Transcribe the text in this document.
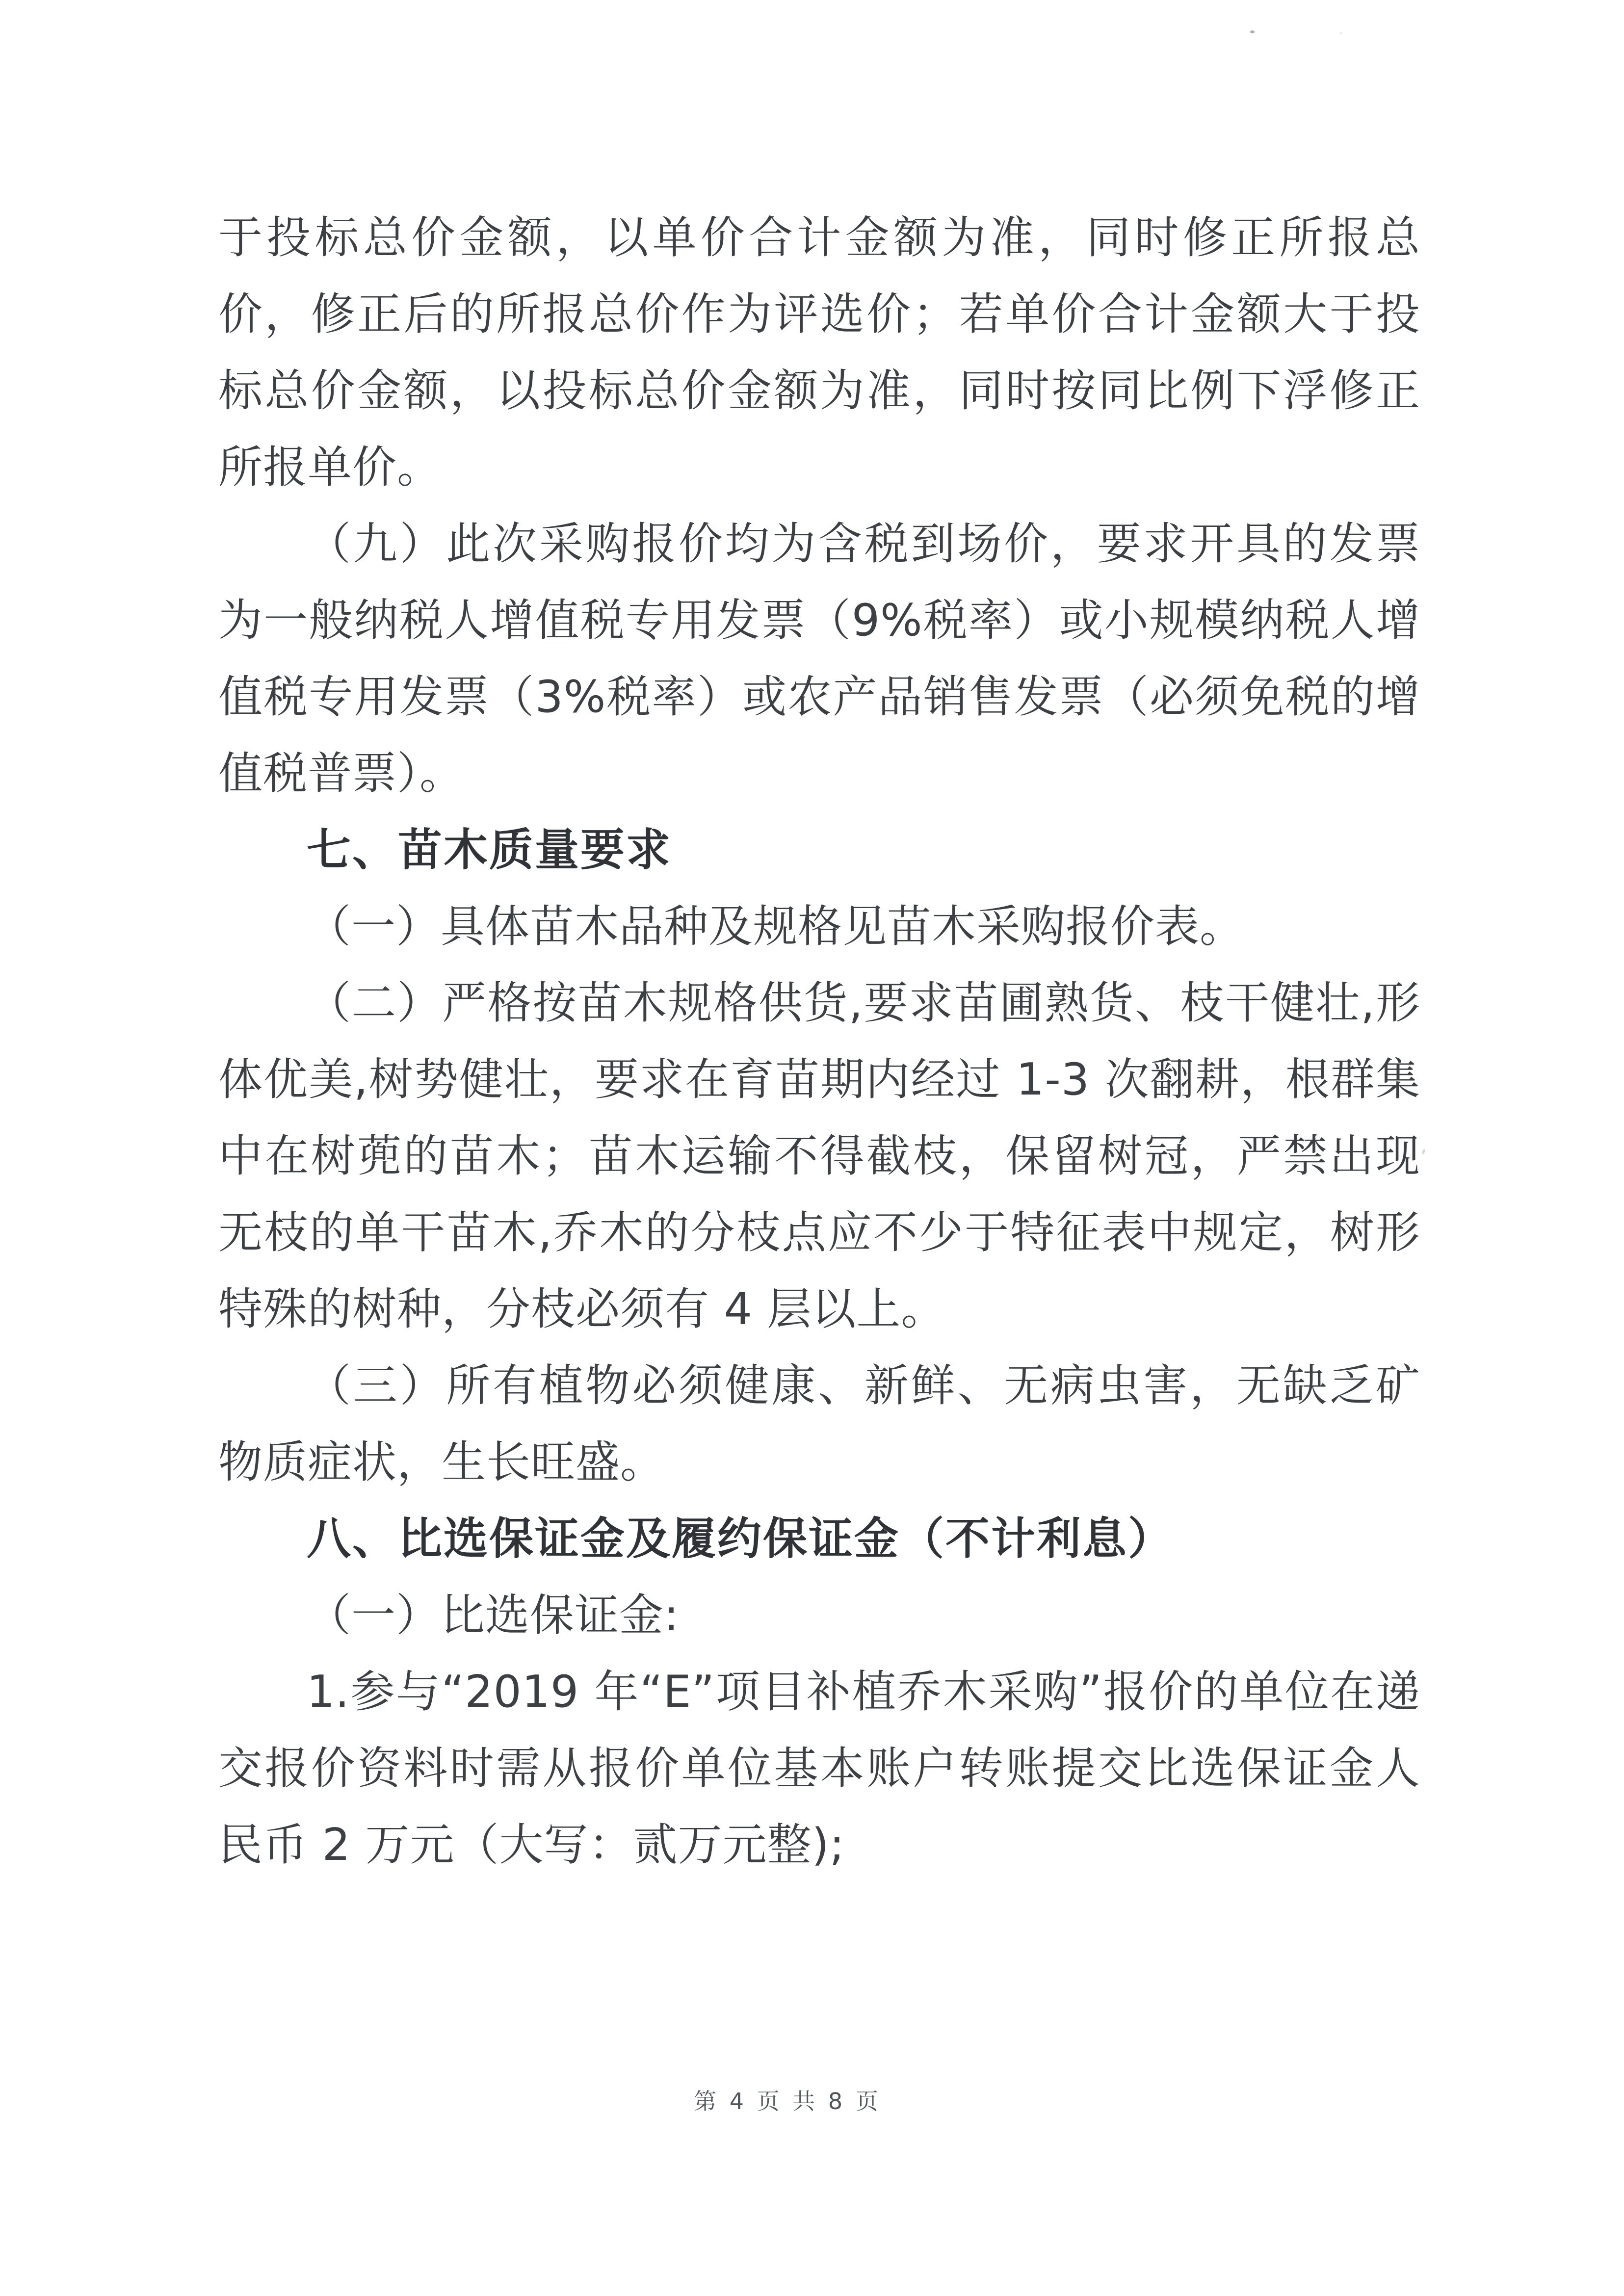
于投标总价金额，以单价合计金额为准，同时修正所报总价，修正后的所报总价作为评选价；若单价合计金额大于投标总价金额，以投标总价金额为准，同时按同比例下浮修正所报单价。

（九）此次采购报价均为含税到场价，要求开具的发票为一般纳税人增值税专用发票（9%税率）或小规模纳税人增值税专用发票（3%税率）或农产品销售发票（必须免税的增值税普票）。

七、苗木质量要求

（一）具体苗木品种及规格见苗木采购报价表。

（二）严格按苗木规格供货,要求苗圃熟货、枝干健壮,形体优美,树势健壮，要求在育苗期内经过 1-3 次翻耕，根群集中在树蔸的苗木；苗木运输不得截枝，保留树冠，严禁出现无枝的单干苗木,乔木的分枝点应不少于特征表中规定，树形特殊的树种，分枝必须有 4 层以上。

（三）所有植物必须健康、新鲜、无病虫害，无缺乏矿物质症状，生长旺盛。

八、比选保证金及履约保证金（不计利息）

（一）比选保证金:

1.参与“2019 年“E”项目补植乔木采购”报价的单位在递交报价资料时需从报价单位基本账户转账提交比选保证金人民币 2 万元（大写：贰万元整);

第 4 页 共 8 页
